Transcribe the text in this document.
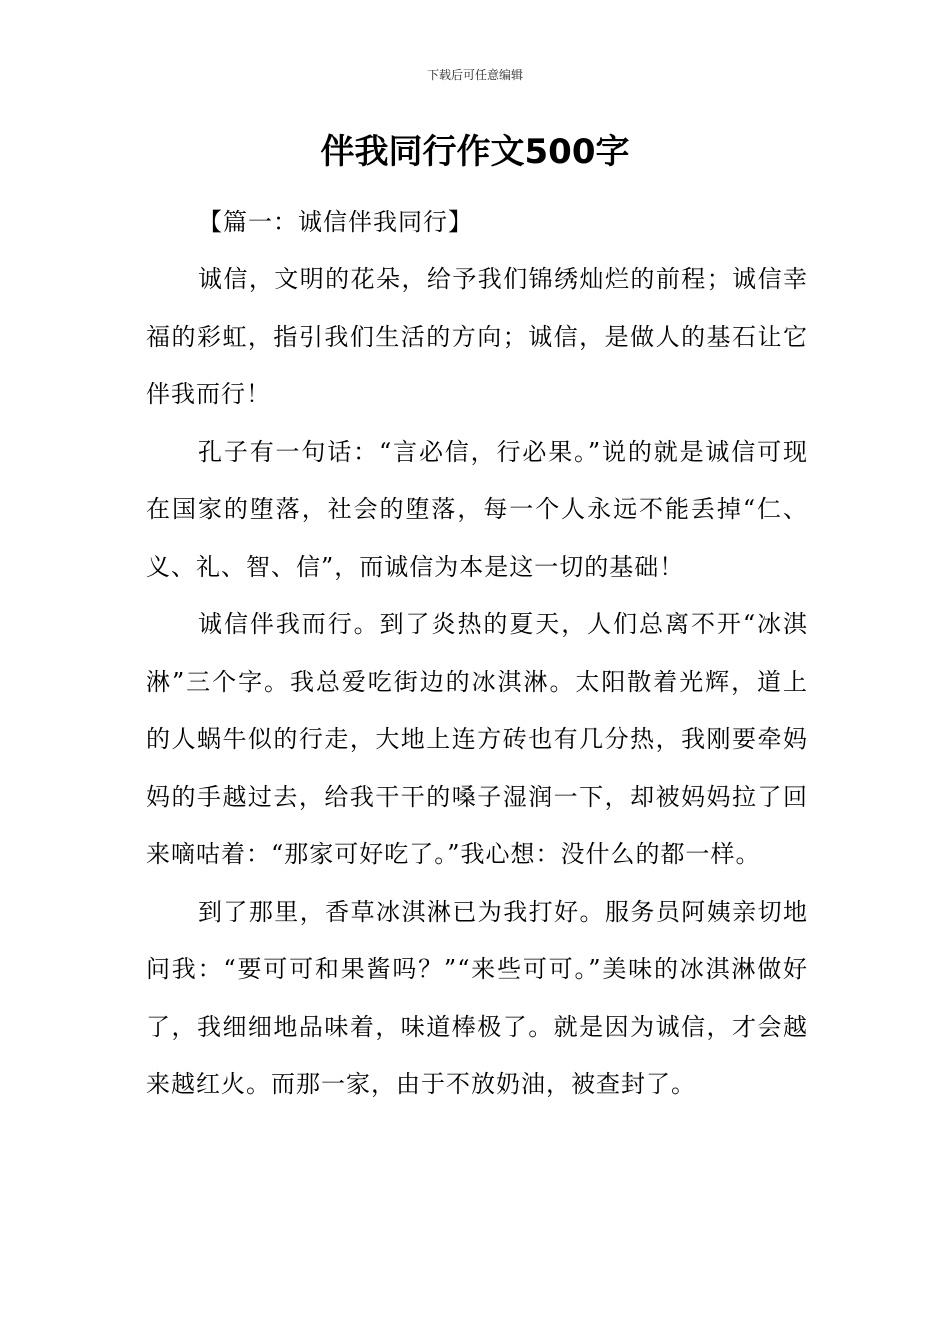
下载后可任意编辑
伴我同行作文500字

【篇一：诚信伴我同行】

诚信，文明的花朵，给予我们锦绣灿烂的前程；诚信幸福的彩虹，指引我们生活的方向；诚信，是做人的基石让它伴我而行！

孔子有一句话：“言必信，行必果。”说的就是诚信可现在国家的堕落，社会的堕落，每一个人永远不能丢掉“仁、义、礼、智、信”，而诚信为本是这一切的基础！

诚信伴我而行。到了炎热的夏天，人们总离不开“冰淇淋”三个字。我总爱吃街边的冰淇淋。太阳散着光辉，道上的人蜗牛似的行走，大地上连方砖也有几分热，我刚要牵妈妈的手越过去，给我干干的嗓子湿润一下，却被妈妈拉了回来嘀咕着：“那家可好吃了。”我心想：没什么的都一样。

到了那里，香草冰淇淋已为我打好。服务员阿姨亲切地问我：“要可可和果酱吗？”“来些可可。”美味的冰淇淋做好了，我细细地品味着，味道棒极了。就是因为诚信，才会越来越红火。而那一家，由于不放奶油，被查封了。
